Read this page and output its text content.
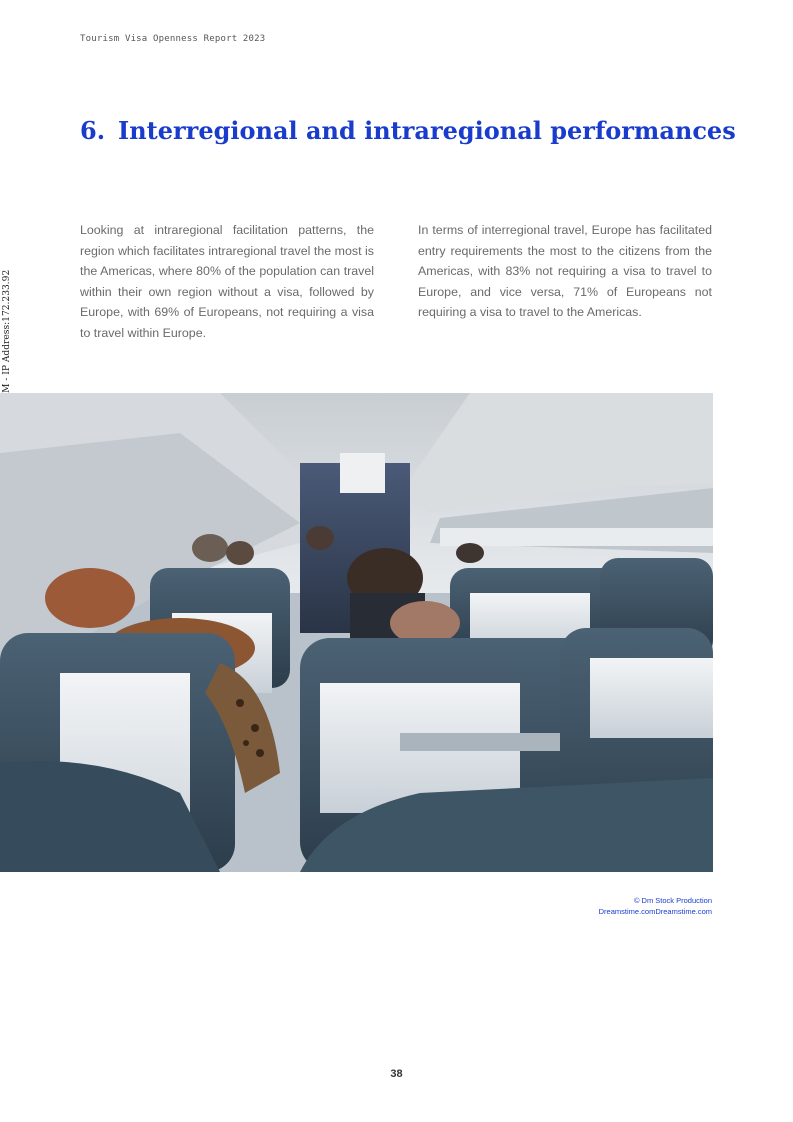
Tourism Visa Openness Report 2023
6. Interregional and intraregional performances

Looking at intraregional facilitation patterns, the region which facilitates intraregional travel the most is the Americas, where 80% of the population can travel within their own region without a visa, followed by Europe, with 69% of Europeans, not requiring a visa to travel within Europe.

In terms of interregional travel, Europe has facilitated entry requirements the most to the citizens from the Americas, with 83% not requiring a visa to travel to Europe, and vice versa, 71% of Europeans not requiring a visa to travel to the Americas.

© Dm Stock Production
Dreamstime.comDreamstime.com
38
